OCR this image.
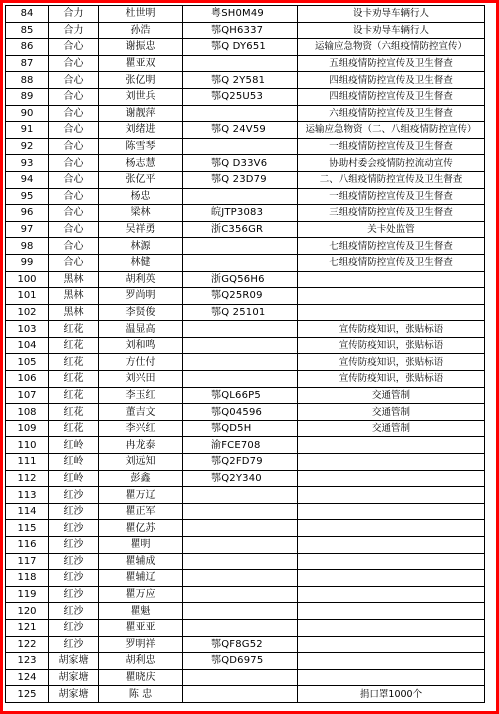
84	合力	杜世明	粤SH0M49	设卡劝导车辆行人
85	合力	孙浩	鄂QH6337	设卡劝导车辆行人
86	合心	谢振忠	鄂Q DY651	运输应急物资（六组疫情防控宣传）
87	合心	瞿亚双		五组疫情防控宣传及卫生督查
88	合心	张亿明	鄂Q 2Y581	四组疫情防控宣传及卫生督查
89	合心	刘世兵	鄂Q25U53	四组疫情防控宣传及卫生督查
90	合心	谢靓萍		六组疫情防控宣传及卫生督查
91	合心	刘绪进	鄂Q 24V59	运输应急物资（二、八组疫情防控宣传）
92	合心	陈雪琴		一组疫情防控宣传及卫生督查
93	合心	杨志慧	鄂Q D33V6	协助村委会疫情防控流动宣传
94	合心	张亿平	鄂Q 23D79	二、八组疫情防控宣传及卫生督查
95	合心	杨忠		一组疫情防控宣传及卫生督查
96	合心	梁林	皖JTP3083	三组疫情防控宣传及卫生督查
97	合心	吴祥勇	浙C356GR	关卡处监管
98	合心	林源		七组疫情防控宣传及卫生督查
99	合心	林健		七组疫情防控宣传及卫生督查
100	黑林	胡利英	浙GQ56H6	
101	黑林	罗尚明	鄂Q25R09	
102	黑林	李贤俊	鄂Q 25101	
103	红花	温显高		宣传防疫知识，张贴标语
104	红花	刘和鸣		宣传防疫知识，张贴标语
105	红花	方仕付		宣传防疫知识，张贴标语
106	红花	刘兴田		宣传防疫知识，张贴标语
107	红花	李玉红	鄂QL66P5	交通管制
108	红花	董吉文	鄂Q04596	交通管制
109	红花	李兴红	鄂QD5H	交通管制
110	红岭	冉龙泰	渝FCE708	
111	红岭	刘远知	鄂Q2FD79	
112	红岭	彭鑫	鄂Q2Y340	
113	红沙	瞿万辽		
114	红沙	瞿正军		
115	红沙	瞿亿苏		
116	红沙	瞿明		
117	红沙	瞿辅成		
118	红沙	瞿辅辽		
119	红沙	瞿万应		
120	红沙	瞿魁		
121	红沙	瞿亚亚		
122	红沙	罗明祥	鄂QF8G52	
123	胡家塘	胡利忠	鄂QD6975	
124	胡家塘	瞿晓庆		
125	胡家塘	陈 忠		捐口罩1000个
